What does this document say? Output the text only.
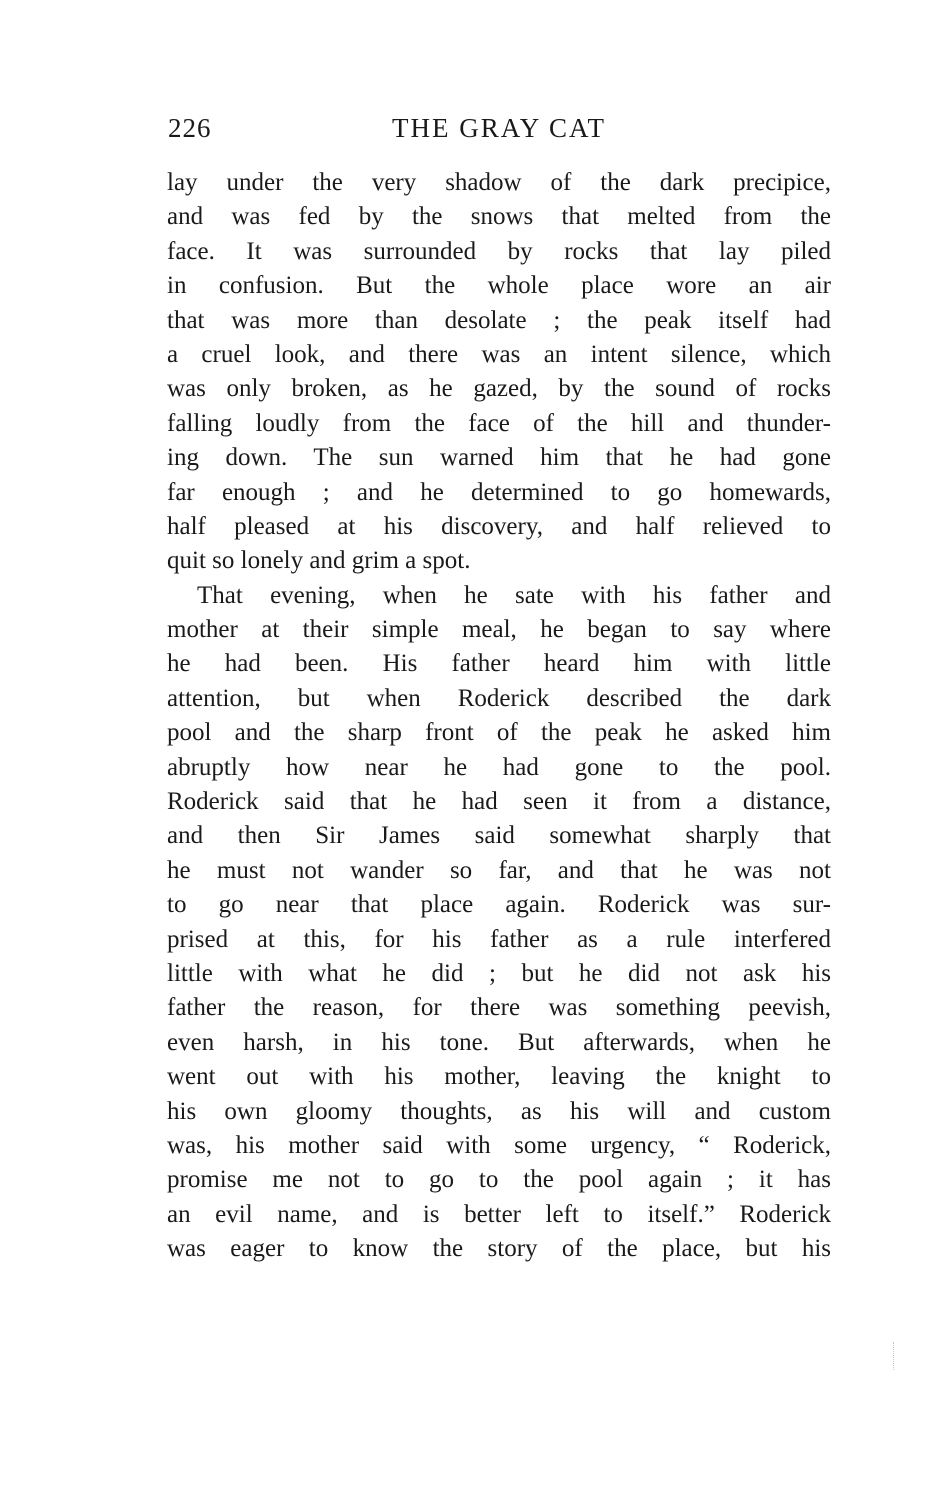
226	THE GRAY CAT
lay under the very shadow of the dark precipice,
and was fed by the snows that melted from the
face. It was surrounded by rocks that lay piled
in confusion. But the whole place wore an air
that was more than desolate ; the peak itself had
a cruel look, and there was an intent silence, which
was only broken, as he gazed, by the sound of rocks
falling loudly from the face of the hill and thunder-
ing down. The sun warned him that he had gone
far enough ; and he determined to go homewards,
half pleased at his discovery, and half relieved to
quit so lonely and grim a spot.
That evening, when he sate with his father and
mother at their simple meal, he began to say where
he had been. His father heard him with little
attention, but when Roderick described the dark
pool and the sharp front of the peak he asked him
abruptly how near he had gone to the pool.
Roderick said that he had seen it from a distance,
and then Sir James said somewhat sharply that
he must not wander so far, and that he was not
to go near that place again. Roderick was sur-
prised at this, for his father as a rule interfered
little with what he did ; but he did not ask his
father the reason, for there was something peevish,
even harsh, in his tone. But afterwards, when he
went out with his mother, leaving the knight to
his own gloomy thoughts, as his will and custom
was, his mother said with some urgency, “ Roderick,
promise me not to go to the pool again ; it has
an evil name, and is better left to itself.” Roderick
was eager to know the story of the place, but his
